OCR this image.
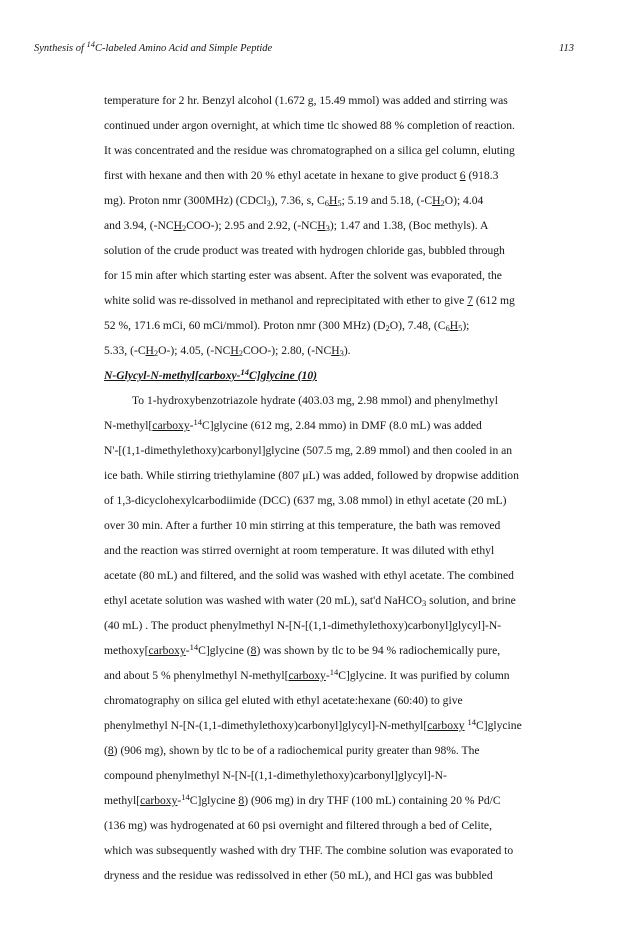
Synthesis of $^{14}$C-labeled Amino Acid and Simple Peptide	113
temperature for 2 hr. Benzyl alcohol (1.672 g, 15.49 mmol) was added and stirring was
continued under argon overnight, at which time tlc showed 88 % completion of reaction.
It was concentrated and the residue was chromatographed on a silica gel column, eluting
first with hexane and then with 20 % ethyl acetate in hexane to give product 6 (918.3
mg). Proton nmr (300MHz) (CDCl$_3$), 7.36, s, $C_6H_5$; 5.19 and 5.18, $(-CH_2O)$; 4.04
and 3.94, $(-NCH_2COO-)$; 2.95 and 2.92, $(-NCH_3)$; 1.47 and 1.38, (Boc methyls). A
solution of the crude product was treated with hydrogen chloride gas, bubbled through
for 15 min after which starting ester was absent. After the solvent was evaporated, the
white solid was re-dissolved in methanol and reprecipitated with ether to give 7 (612 mg
52 %, 171.6 mCi, 60 mCi/mmol). Proton nmr (300 MHz) $(D_2O)$, 7.48, $(C_6H_5)$;
5.33, $(-CH_2O-)$; 4.05, $(-NCH_2COO-)$; 2.80, $(-NCH_3)$.
N-Glycyl-N-methyl[carboxy-$^{14}$C]glycine (10)
To 1-hydroxybenzotriazole hydrate (403.03 mg, 2.98 mmol) and phenylmethyl
N-methyl[carboxy-$^{14}$C]glycine (612 mg, 2.84 mmo) in DMF (8.0 mL) was added
N'-[(1,1-dimethylethoxy)carbonyl]glycine (507.5 mg, 2.89 mmol) and then cooled in an
ice bath. While stirring triethylamine (807 μL) was added, followed by dropwise addition
of 1,3-dicyclohexylcarbodiimide (DCC) (637 mg, 3.08 mmol) in ethyl acetate (20 mL)
over 30 min. After a further 10 min stirring at this temperature, the bath was removed
and the reaction was stirred overnight at room temperature. It was diluted with ethyl
acetate (80 mL) and filtered, and the solid was washed with ethyl acetate. The combined
ethyl acetate solution was washed with water (20 mL), sat'd NaHCO$_3$ solution, and brine
(40 mL) . The product phenylmethyl N-[N-[(1,1-dimethylethoxy)carbonyl]glycyl]-N-
methoxy[carboxy-$^{14}$C]glycine (8) was shown by tlc to be 94 % radiochemically pure,
and about 5 % phenylmethyl N-methyl[carboxy-$^{14}$C]glycine. It was purified by column
chromatography on silica gel eluted with ethyl acetate:hexane (60:40) to give
phenylmethyl N-[N-(1,1-dimethylethoxy)carbonyl]glycyl]-N-methyl[carboxy $^{14}$C]glycine
(8) (906 mg), shown by tlc to be of a radiochemical purity greater than 98%. The
compound phenylmethyl N-[N-[(1,1-dimethylethoxy)carbonyl]glycyl]-N-
methyl[carboxy-$^{14}$C]glycine 8) (906 mg) in dry THF (100 mL) containing 20 % Pd/C
(136 mg) was hydrogenated at 60 psi overnight and filtered through a bed of Celite,
which was subsequently washed with dry THF. The combine solution was evaporated to
dryness and the residue was redissolved in ether (50 mL), and HCl gas was bubbled
